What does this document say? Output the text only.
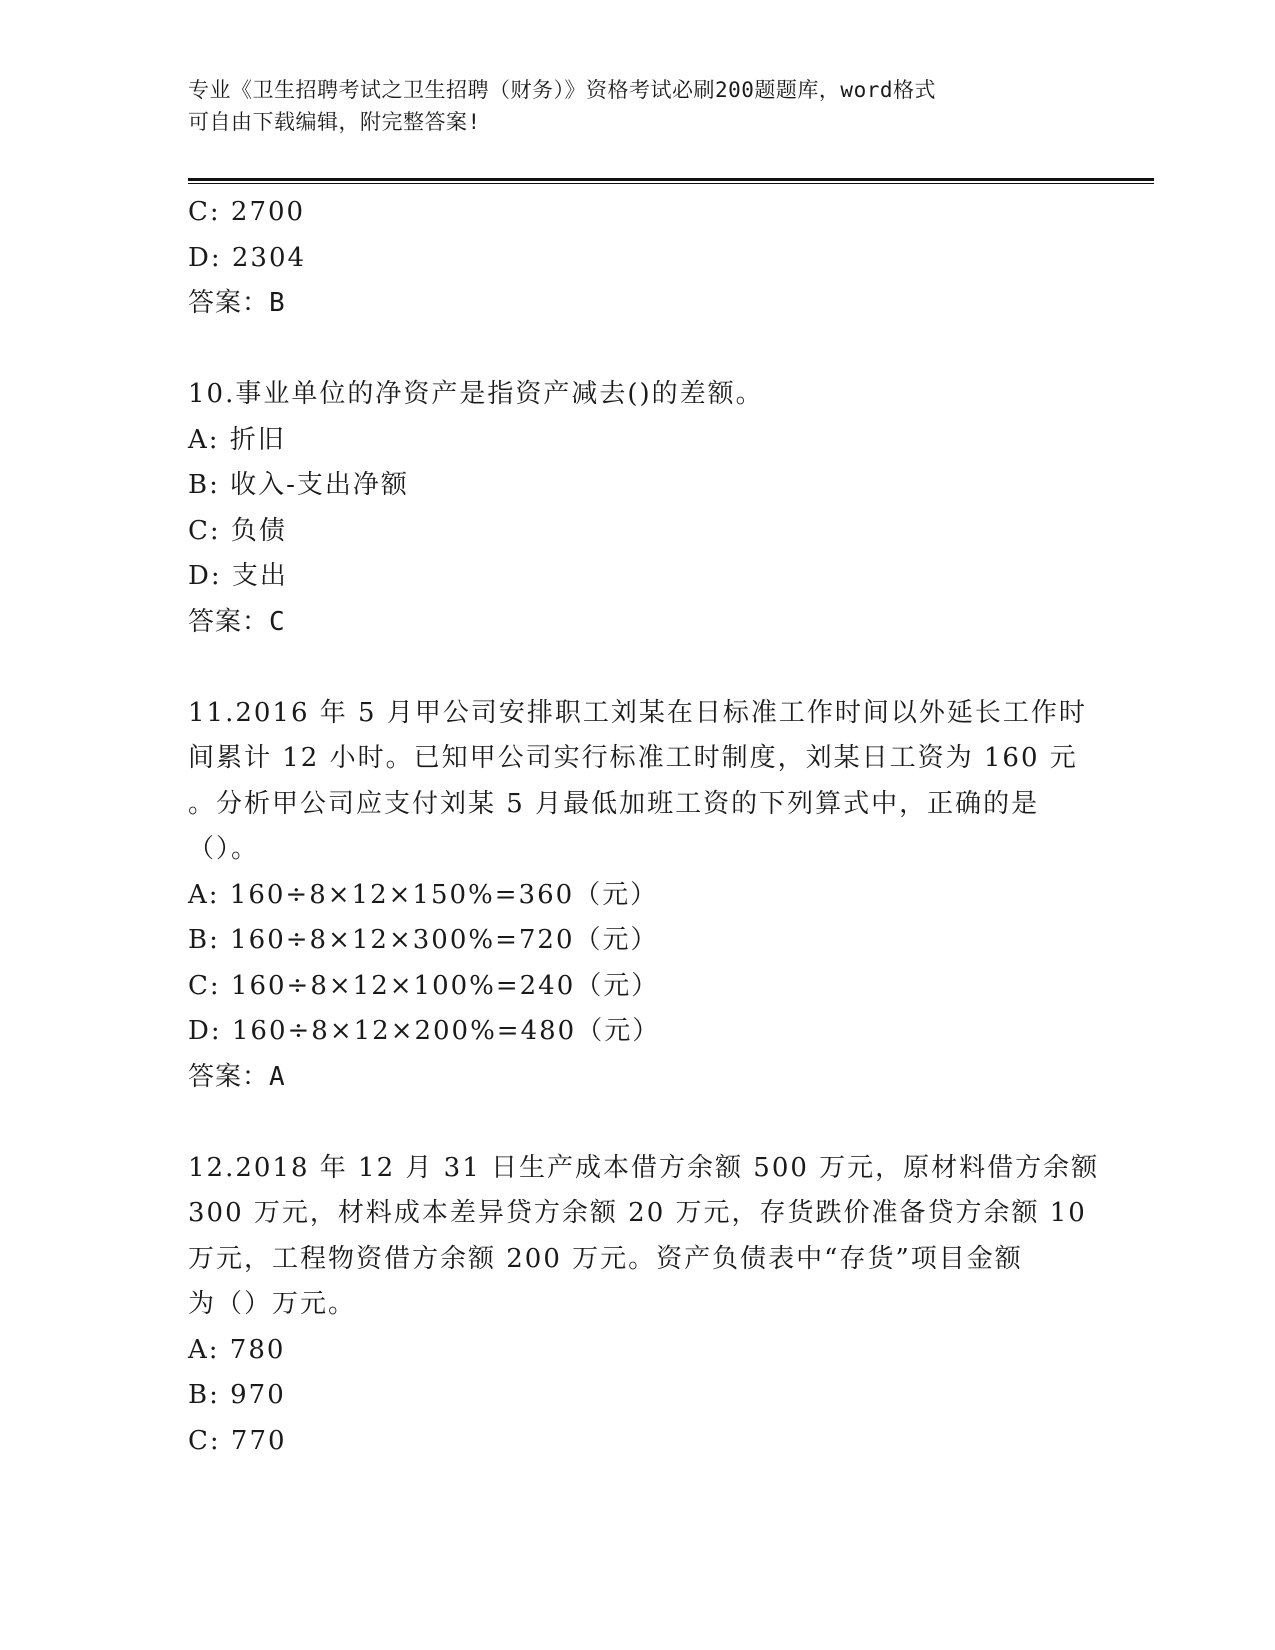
专业《卫生招聘考试之卫生招聘（财务）》资格考试必刷200题题库，word格式
可自由下载编辑，附完整答案!
C: 2700
D: 2304
答案：B
10.事业单位的净资产是指资产减去()的差额。
A: 折旧
B: 收入-支出净额
C: 负债
D: 支出
答案：C
11.2016 年 5 月甲公司安排职工刘某在日标准工作时间以外延长工作时
间累计 12 小时。已知甲公司实行标准工时制度，刘某日工资为 160 元
。分析甲公司应支付刘某 5 月最低加班工资的下列算式中，正确的是
（）。
A: 160÷8×12×150%=360（元）
B: 160÷8×12×300%=720（元）
C: 160÷8×12×100%=240（元）
D: 160÷8×12×200%=480（元）
答案：A
12.2018 年 12 月 31 日生产成本借方余额 500 万元，原材料借方余额
300 万元，材料成本差异贷方余额 20 万元，存货跌价准备贷方余额 10
万元，工程物资借方余额 200 万元。资产负债表中“存货”项目金额
为（）万元。
A: 780
B: 970
C: 770
